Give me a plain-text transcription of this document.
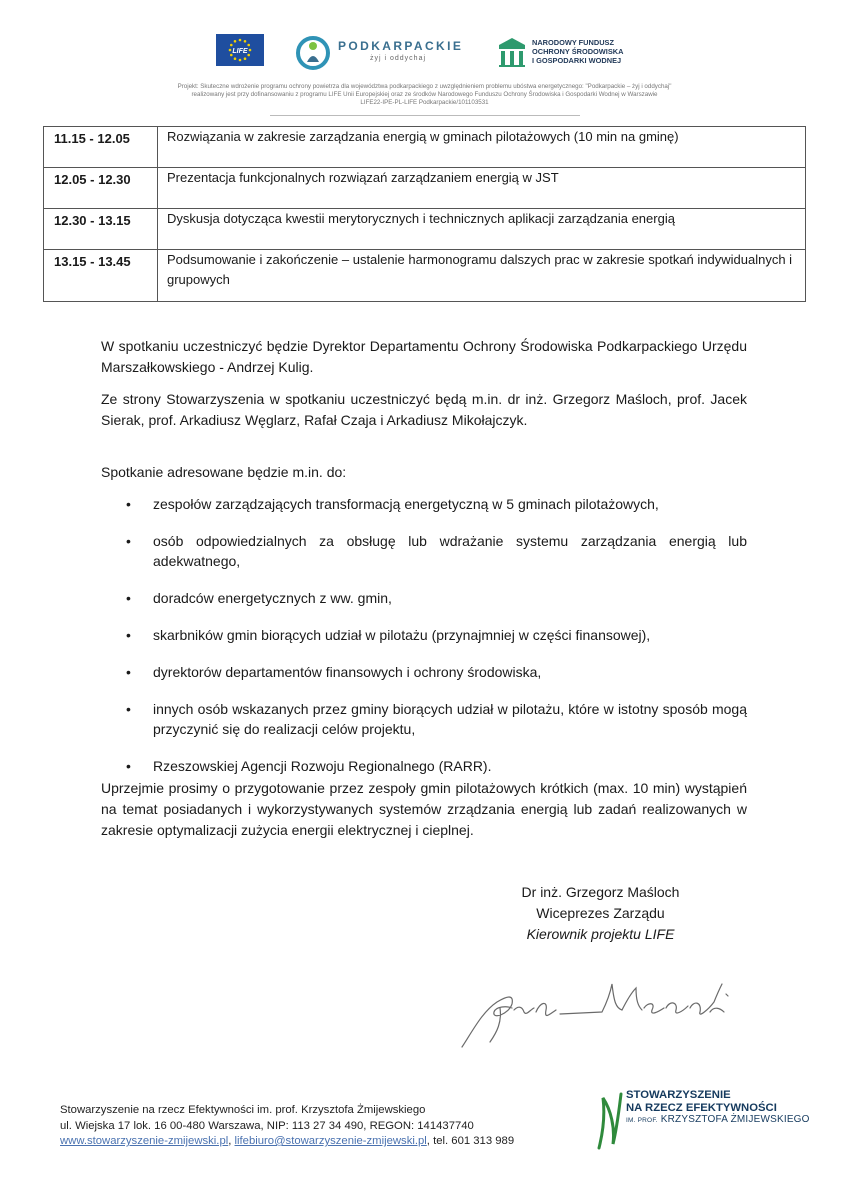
LIFE	PODKARPACKIE
żyj i oddychaj
NARODOWY FUNDUSZ
OCHRONY ŚRODOWISKA
I GOSPODARKI WODNEJ
Projekt: Skuteczne wdrożenie programu ochrony powietrza dla województwa podkarpackiego z uwzględnieniem problemu ubóstwa energetycznego: "Podkarpackie – żyj i oddychaj"
realizowany jest przy dofinansowaniu z programu LIFE Unii Europejskiej oraz ze środków Narodowego Funduszu Ochrony Środowiska i Gospodarki Wodnej w Warszawie
LIFE22-IPE-PL-LIFE Podkarpackie/101103531
11.15 - 12.05	Rozwiązania w zakresie zarządzania energią w gminach pilotażowych (10 min na gminę)
12.05 - 12.30	Prezentacja funkcjonalnych rozwiązań zarządzaniem energią w JST
12.30 - 13.15	Dyskusja dotycząca kwestii merytorycznych i technicznych aplikacji zarządzania energią
13.15 - 13.45	Podsumowanie i zakończenie – ustalenie harmonogramu dalszych prac w zakresie spotkań indywidualnych i grupowych
W spotkaniu uczestniczyć będzie Dyrektor Departamentu Ochrony Środowiska Podkarpackiego Urzędu Marszałkowskiego - Andrzej Kulig.
Ze strony Stowarzyszenia w spotkaniu uczestniczyć będą m.in. dr inż. Grzegorz Maśloch, prof. Jacek Sierak, prof. Arkadiusz Węglarz, Rafał Czaja i Arkadiusz Mikołajczyk.
Spotkanie adresowane będzie m.in. do:
• zespołów zarządzających transformacją energetyczną w 5 gminach pilotażowych,
• osób odpowiedzialnych za obsługę lub wdrażanie systemu zarządzania energią lub adekwatnego,
• doradców energetycznych z ww. gmin,
• skarbników gmin biorących udział w pilotażu (przynajmniej w części finansowej),
• dyrektorów departamentów finansowych i ochrony środowiska,
• innych osób wskazanych przez gminy biorących udział w pilotażu, które w istotny sposób mogą przyczynić się do realizacji celów projektu,
• Rzeszowskiej Agencji Rozwoju Regionalnego (RARR).
Uprzejmie prosimy o przygotowanie przez zespoły gmin pilotażowych krótkich (max. 10 min) wystąpień na temat posiadanych i wykorzystywanych systemów zrządzania energią lub zadań realizowanych w zakresie optymalizacji zużycia energii elektrycznej i cieplnej.
Dr inż. Grzegorz Maśloch
Wiceprezes Zarządu
Kierownik projektu LIFE
Stowarzyszenie na rzecz Efektywności im. prof. Krzysztofa Żmijewskiego
ul. Wiejska 17 lok. 16 00-480 Warszawa, NIP: 113 27 34 490, REGON: 141437740
www.stowarzyszenie-zmijewski.pl, lifebiuro@stowarzyszenie-zmijewski.pl, tel. 601 313 989
STOWARZYSZENIE
NA RZECZ EFEKTYWNOŚCI
IM. PROF. KRZYSZTOFA ŻMIJEWSKIEGO
